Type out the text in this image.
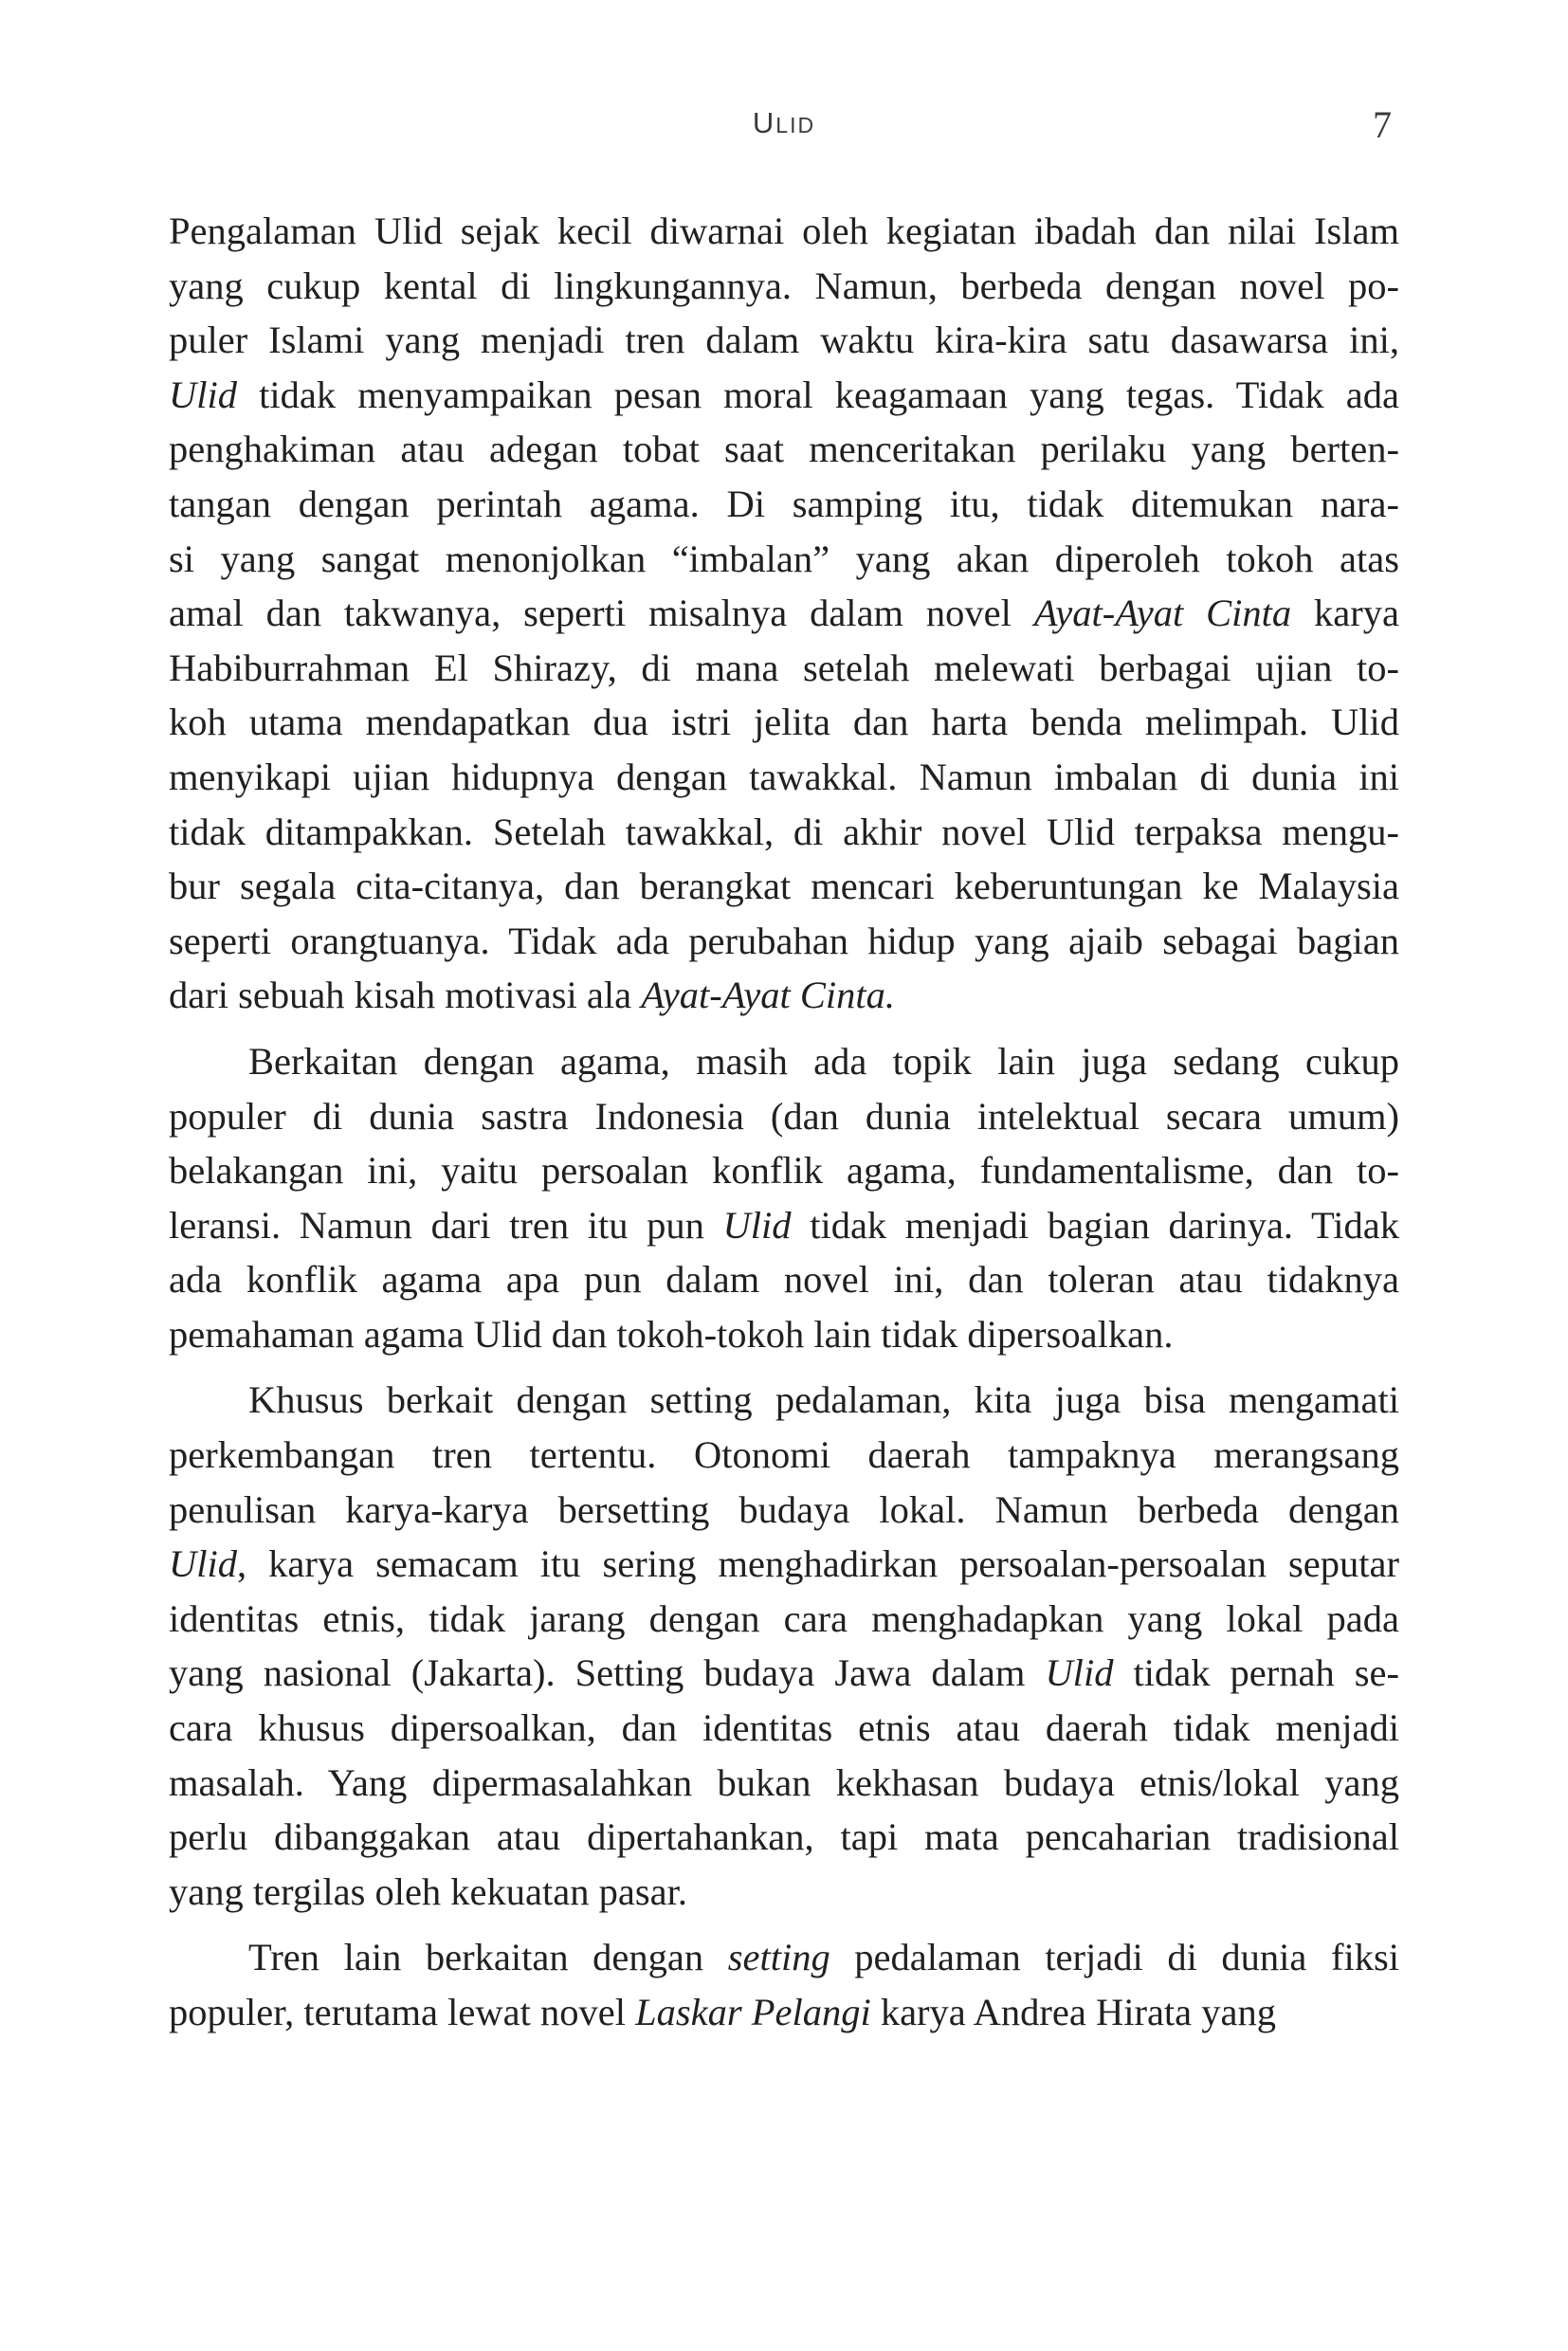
ULID	7
Pengalaman Ulid sejak kecil diwarnai oleh kegiatan ibadah dan nilai Islam
yang cukup kental di lingkungannya. Namun, berbeda dengan novel po-
puler Islami yang menjadi tren dalam waktu kira-kira satu dasawarsa ini,
Ulid tidak menyampaikan pesan moral keagamaan yang tegas. Tidak ada
penghakiman atau adegan tobat saat menceritakan perilaku yang berten-
tangan dengan perintah agama. Di samping itu, tidak ditemukan nara-
si yang sangat menonjolkan “imbalan” yang akan diperoleh tokoh atas
amal dan takwanya, seperti misalnya dalam novel Ayat-Ayat Cinta karya
Habiburrahman El Shirazy, di mana setelah melewati berbagai ujian to-
koh utama mendapatkan dua istri jelita dan harta benda melimpah. Ulid
menyikapi ujian hidupnya dengan tawakkal. Namun imbalan di dunia ini
tidak ditampakkan. Setelah tawakkal, di akhir novel Ulid terpaksa mengu-
bur segala cita-citanya, dan berangkat mencari keberuntungan ke Malaysia
seperti orangtuanya. Tidak ada perubahan hidup yang ajaib sebagai bagian
dari sebuah kisah motivasi ala Ayat-Ayat Cinta.
Berkaitan dengan agama, masih ada topik lain juga sedang cukup
populer di dunia sastra Indonesia (dan dunia intelektual secara umum)
belakangan ini, yaitu persoalan konflik agama, fundamentalisme, dan to-
leransi. Namun dari tren itu pun Ulid tidak menjadi bagian darinya. Tidak
ada konflik agama apa pun dalam novel ini, dan toleran atau tidaknya
pemahaman agama Ulid dan tokoh-tokoh lain tidak dipersoalkan.
Khusus berkait dengan setting pedalaman, kita juga bisa mengamati
perkembangan tren tertentu. Otonomi daerah tampaknya merangsang
penulisan karya-karya bersetting budaya lokal. Namun berbeda dengan
Ulid, karya semacam itu sering menghadirkan persoalan-persoalan seputar
identitas etnis, tidak jarang dengan cara menghadapkan yang lokal pada
yang nasional (Jakarta). Setting budaya Jawa dalam Ulid tidak pernah se-
cara khusus dipersoalkan, dan identitas etnis atau daerah tidak menjadi
masalah. Yang dipermasalahkan bukan kekhasan budaya etnis/lokal yang
perlu dibanggakan atau dipertahankan, tapi mata pencaharian tradisional
yang tergilas oleh kekuatan pasar.
Tren lain berkaitan dengan setting pedalaman terjadi di dunia fiksi
populer, terutama lewat novel Laskar Pelangi karya Andrea Hirata yang
